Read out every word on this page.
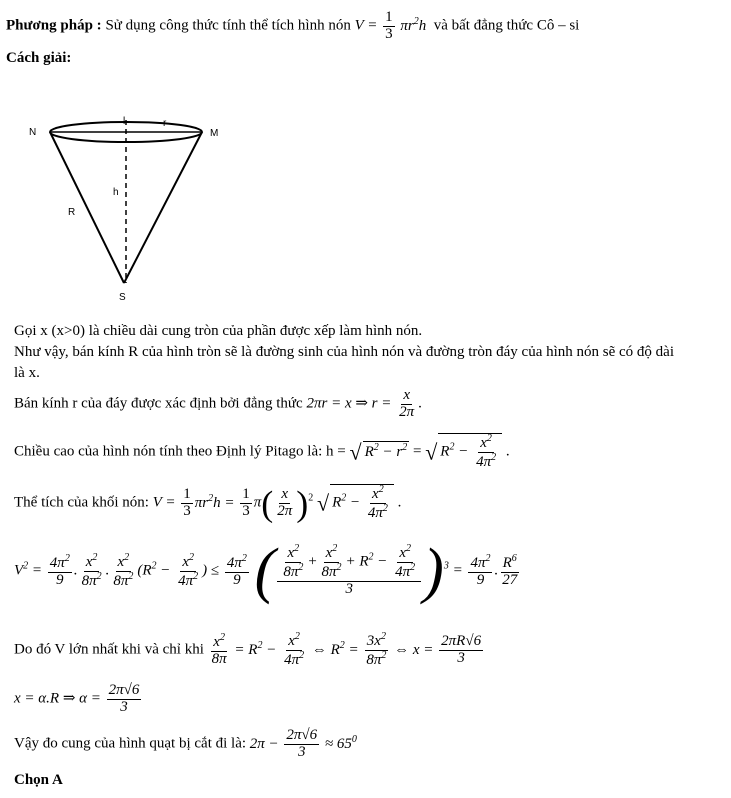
Phương pháp : Sử dụng công thức tính thể tích hình nón $V = \frac{1}{3} \pi r^2h$ và bất đẳng thức Cô – si
Cách giải:
N	M
l	r
h
R
S
Gọi x (x>0) là chiều dài cung tròn của phần được xếp làm hình nón.
Như vậy, bán kính R của hình tròn sẽ là đường sinh của hình nón và đường tròn đáy của hình nón sẽ có độ dài
là x.
Bán kính r của đáy được xác định bởi đẳng thức 2πr = x ⇒ $r = \frac{x}{2\pi}$ .
Chiều cao của hình nón tính theo Định lý Pitago là: h = √ $R^2 - r^2$ = √ $R^2 - \frac{x^2}{4\pi^2}$ .
Thể tích của khối nón: $V = \frac{1}{3} \pi r^2h = \frac{1}{3} \pi( \frac{x}{2\pi} )^2$ √ $R^2 - \frac{x^2}{4\pi^2}$ .
$V^2 = \frac{4\pi^2}{9}$ . $\frac{x^2}{8\pi^2}$ . $\frac{x^2}{8\pi^2} (R^2 - \frac{x^2}{4\pi^2}$ ) ≤ $\frac{4\pi^2}{9}$ ( $\frac{\frac{x^2}{8\pi^2} + \frac{x^2}{8\pi^2} + R^2 - \frac{x^2}{4\pi^2}}{3} )^3 = \frac{4\pi^2}{9}$ . $\frac{R^6}{27}$
Do đó V lớn nhất khi và chỉ khi $\frac{x^2}{8\pi} = R^2 - \frac{x^2}{4\pi^2}$ ⇔ $R^2 = \frac{3x^2}{8\pi^2}$ ⇔ $x = \frac{2\pi R√6}{3}$
x = α.R ⇒ $\alpha = \frac{2\pi√6}{3}$
Vậy đo cung của hình quạt bị cắt đi là: $2\pi - \frac{2\pi√6}{3} \approx 65^0$
Chọn A
